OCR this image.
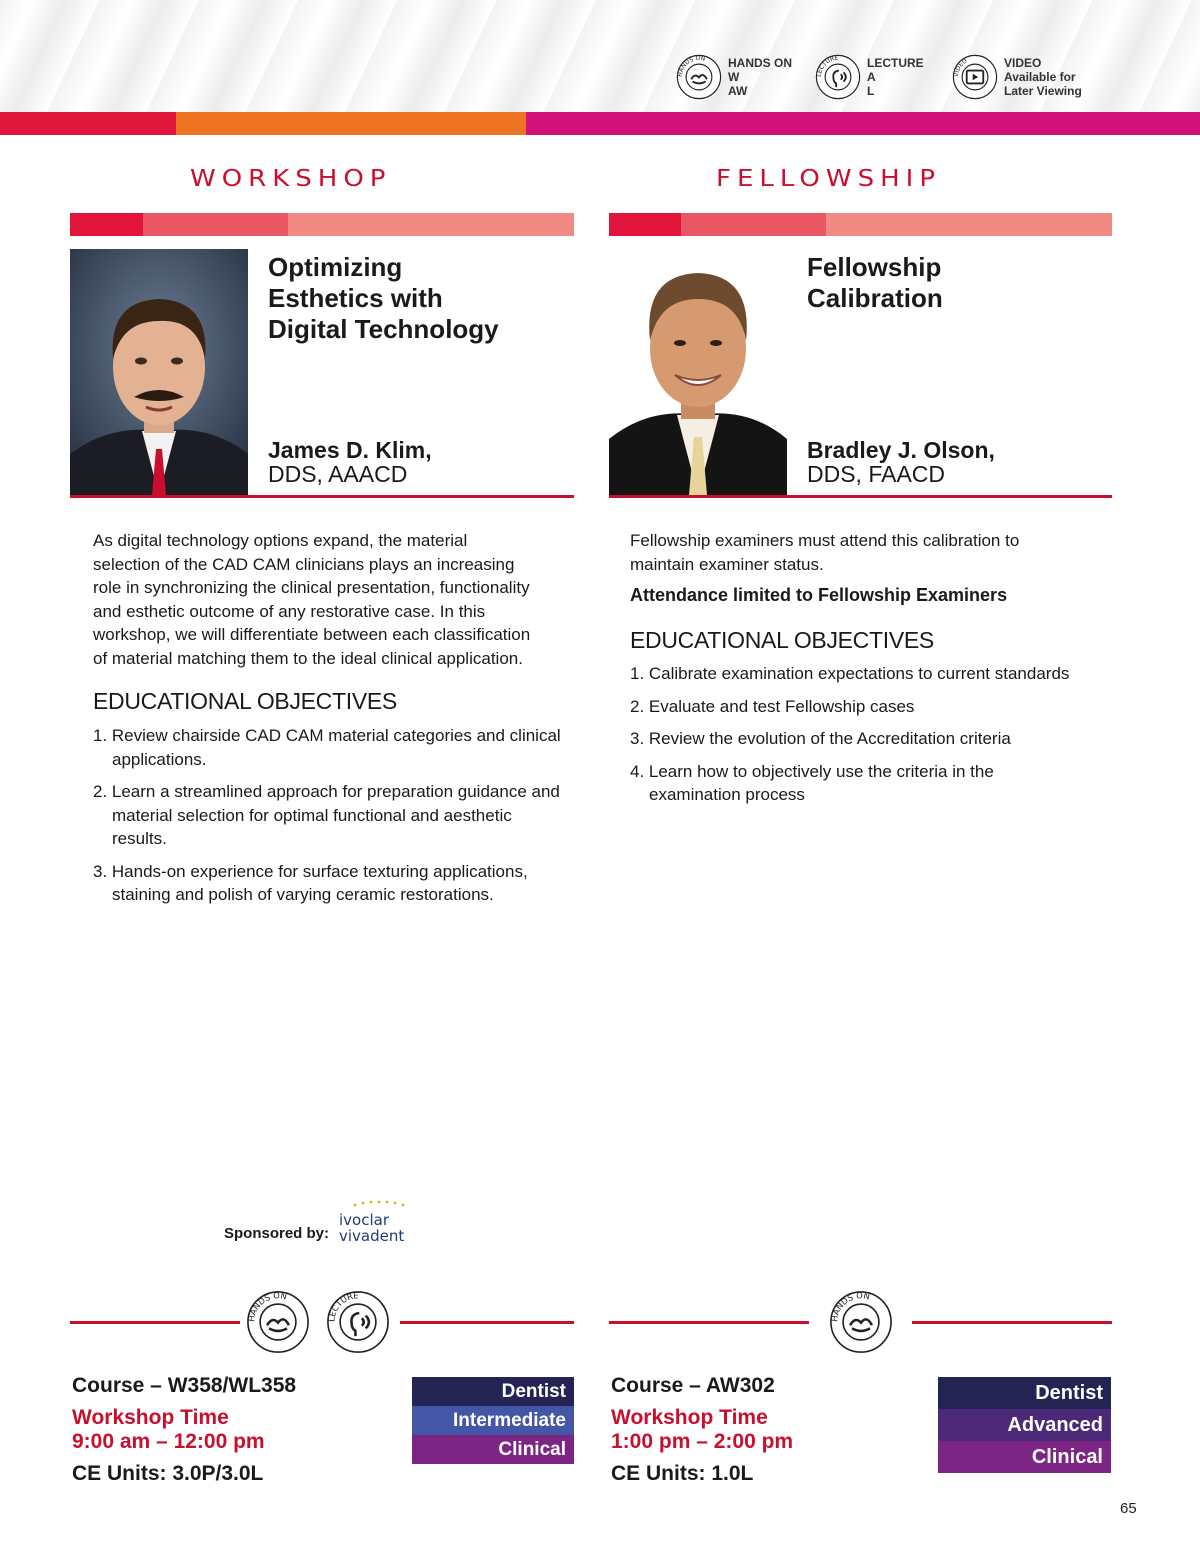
HANDS ON HANDS ON
W
AW
LECTURE LECTURE
A
L
VIDEO	VIDEO
Available for
Later Viewing
WORKSHOP
Optimizing
Esthetics with
Digital Technology
James D. Klim,
DDS, AAACD
As digital technology options expand, the material
selection of the CAD CAM clinicians plays an increasing
role in synchronizing the clinical presentation, functionality
and esthetic outcome of any restorative case. In this
workshop, we will differentiate between each classification
of material matching them to the ideal clinical application.
EDUCATIONAL OBJECTIVES
1. Review chairside CAD CAM material categories and clinical applications.
2. Learn a streamlined approach for preparation guidance and material selection for optimal functional and aesthetic results.
3. Hands-on experience for surface texturing applications, staining and polish of varying ceramic restorations.
Sponsored by:
ivoclar
vivadent
HANDS ON
LECTURE
Course – W358/WL358
Workshop Time
9:00 am – 12:00 pm
CE Units: 3.0P/3.0L
Dentist
Intermediate
Clinical
FELLOWSHIP
Fellowship
Calibration
Bradley J. Olson,
DDS, FAACD
Fellowship examiners must attend this calibration to
maintain examiner status.
Attendance limited to Fellowship Examiners
EDUCATIONAL OBJECTIVES
1. Calibrate examination expectations to current standards
2. Evaluate and test Fellowship cases
3. Review the evolution of the Accreditation criteria
4. Learn how to objectively use the criteria in the examination process
HANDS ON
Course – AW302
Workshop Time
1:00 pm – 2:00 pm
CE Units: 1.0L
Dentist
Advanced
Clinical
65
